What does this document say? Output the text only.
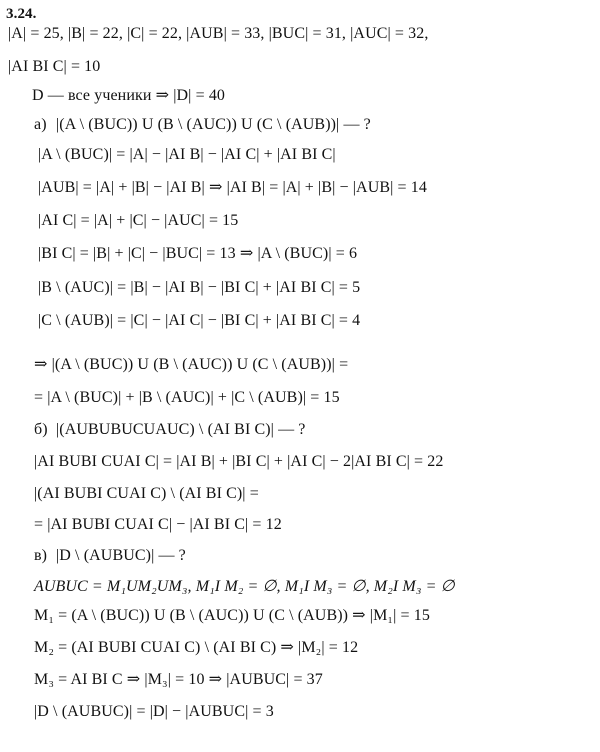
3.24.
|A| = 25, |B| = 22, |C| = 22, |AUB| = 33, |BUC| = 31, |AUC| = 32,
|AI BI C| = 10
D — все ученики ⇒ |D| = 40
а) |(A \ (BUC)) U (B \ (AUC)) U (C \ (AUB))| — ?
|A \ (BUC)| = |A| − |AI B| − |AI C| + |AI BI C|
|AUB| = |A| + |B| − |AI B| ⇒ |AI B| = |A| + |B| − |AUB| = 14
|AI C| = |A| + |C| − |AUC| = 15
|BI C| = |B| + |C| − |BUC| = 13 ⇒ |A \ (BUC)| = 6
|B \ (AUC)| = |B| − |AI B| − |BI C| + |AI BI C| = 5
|C \ (AUB)| = |C| − |AI C| − |BI C| + |AI BI C| = 4
⇒ |(A \ (BUC)) U (B \ (AUC)) U (C \ (AUB))| =
= |A \ (BUC)| + |B \ (AUC)| + |C \ (AUB)| = 15
б) |(AUBUBUCUAUC) \ (AI BI C)| — ?
|AI BUBI CUAI C| = |AI B| + |BI C| + |AI C| − 2|AI BI C| = 22
|(AI BUBI CUAI C) \ (AI BI C)| =
= |AI BUBI CUAI C| − |AI BI C| = 12
в) |D \ (AUBUC)| — ?
AUBUC = M₁UM₂UM₃, M₁I M₂ = ∅, M₁I M₃ = ∅, M₂I M₃ = ∅
M₁ = (A \ (BUC)) U (B \ (AUC)) U (C \ (AUB)) ⇒ |M₁| = 15
M₂ = (AI BUBI CUAI C) \ (AI BI C) ⇒ |M₂| = 12
M₃ = AI BI C ⇒ |M₃| = 10 ⇒ |AUBUC| = 37
|D \ (AUBUC)| = |D| − |AUBUC| = 3
